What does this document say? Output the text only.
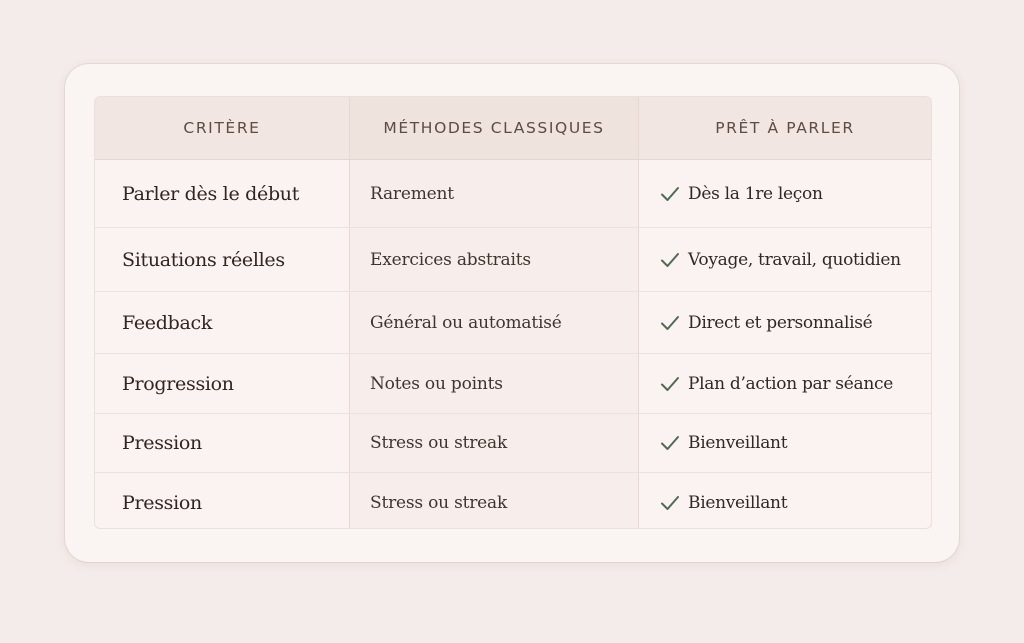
CRITÈRE	MÉTHODES CLASSIQUES	PRÊT À PARLER
Parler dès le début	Rarement	Dès la 1re leçon
Situations réelles	Exercices abstraits	Voyage, travail, quotidien
Feedback	Général ou automatisé	Direct et personnalisé
Progression	Notes ou points	Plan d’action par séance
Pression	Stress ou streak	Bienveillant
Pression	Stress ou streak	Bienveillant
